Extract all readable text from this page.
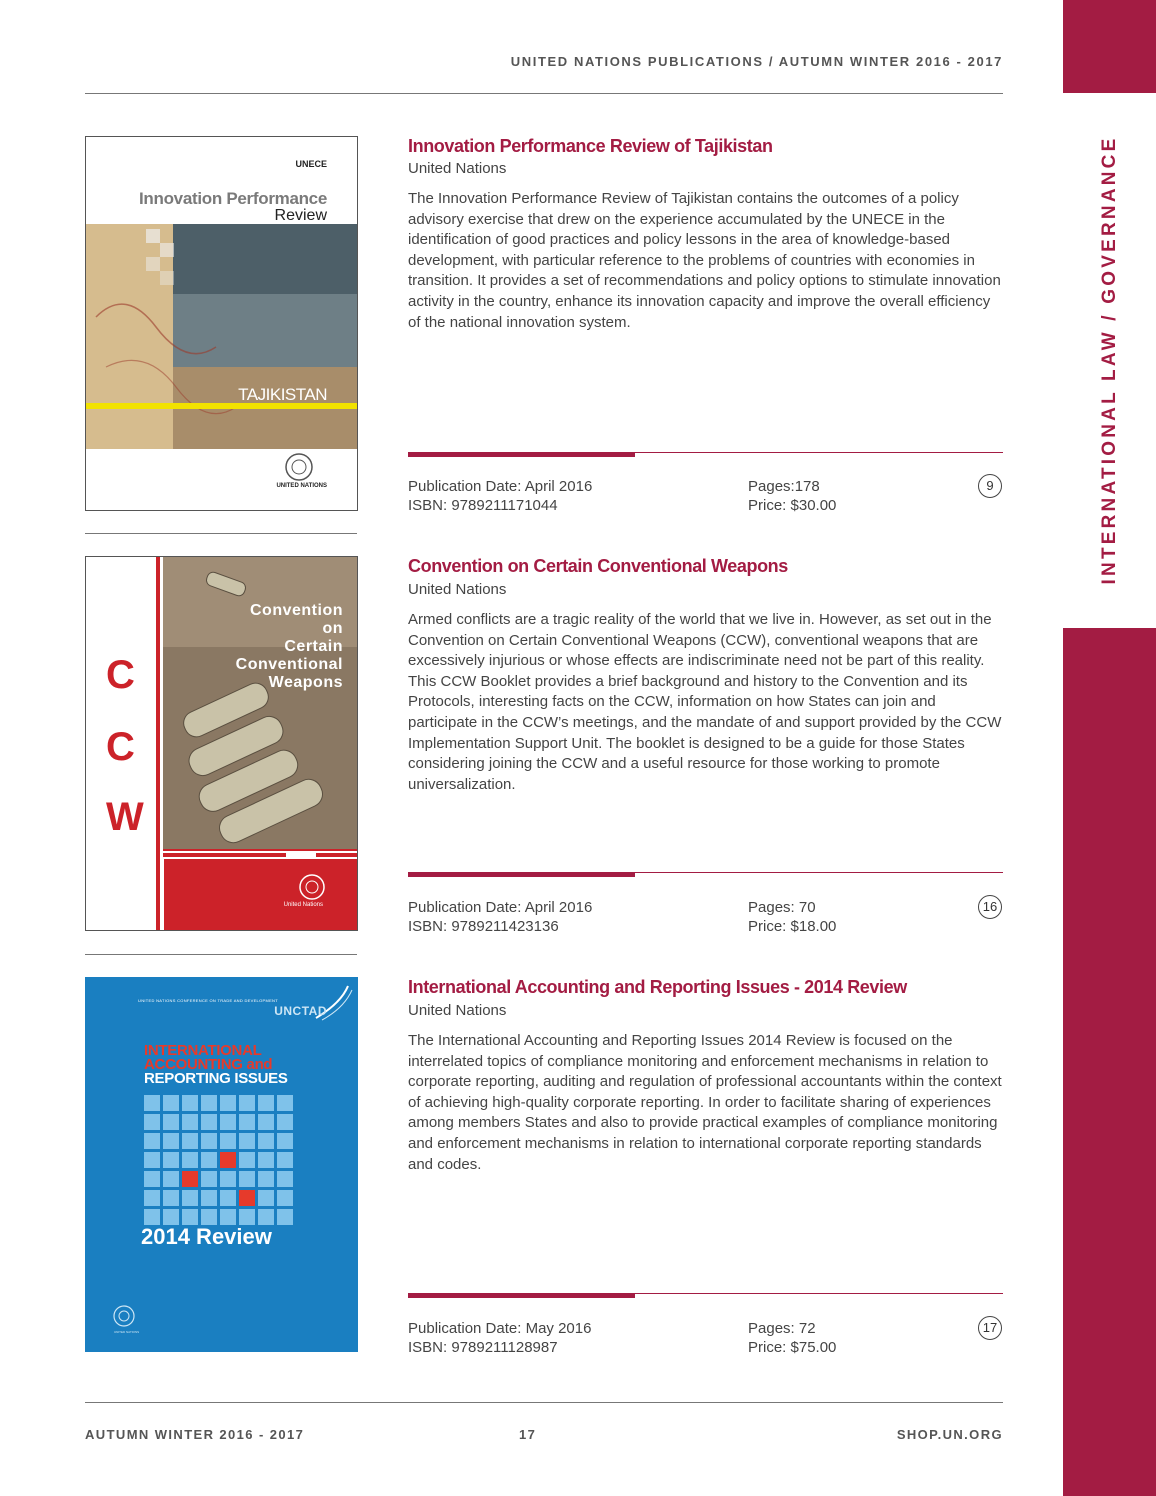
INTERNATIONAL LAW / GOVERNANCE
UNITED NATIONS PUBLICATIONS / AUTUMN WINTER 2016 - 2017
UNECE
Innovation Performance
Review
TAJIKISTAN
UNITED NATIONS
Innovation Performance Review of Tajikistan
United Nations
The Innovation Performance Review of Tajikistan contains the outcomes of a policy advisory exercise that drew on the experience accumulated by the UNECE in the identification of good practices and policy lessons in the area of knowledge-based development, with particular reference to the problems of countries with economies in transition. It provides a set of recommendations and policy options to stimulate innovation activity in the country, enhance its innovation capacity and improve the overall efficiency of the national innovation system.
Publication Date: April 2016
ISBN: 9789211171044
Pages:178
Price: $30.00
9
C
C
W
Convention
on
Certain
Conventional
Weapons
United Nations
Convention on Certain Conventional Weapons
United Nations
Armed conflicts are a tragic reality of the world that we live in. However, as set out in the Convention on Certain Conventional Weapons (CCW), conventional weapons that are excessively injurious or whose effects are indiscriminate need not be part of this reality. This CCW Booklet provides a brief background and history to the Convention and its Protocols, interesting facts on the CCW, information on how States can join and participate in the CCW’s meetings, and the mandate of and support provided by the CCW Implementation Support Unit. The booklet is designed to be a guide for those States considering joining the CCW and a useful resource for those working to promote universalization.
Publication Date: April 2016
ISBN: 9789211423136
Pages: 70
Price: $18.00
16
UNITED NATIONS CONFERENCE ON TRADE AND DEVELOPMENT
UNCTAD
INTERNATIONAL
ACCOUNTING and
REPORTING ISSUES
2014 Review
UNITED NATIONS
International Accounting and Reporting Issues - 2014 Review
United Nations
The International Accounting and Reporting Issues 2014 Review is focused on the interrelated topics of compliance monitoring and enforcement mechanisms in relation to corporate reporting, auditing and regulation of professional accountants within the context of achieving high-quality corporate reporting. In order to facilitate sharing of experiences among members States and also to provide practical examples of compliance monitoring and enforcement mechanisms in relation to international corporate reporting standards and codes.
Publication Date: May 2016
ISBN: 9789211128987
Pages: 72
Price: $75.00
17
AUTUMN WINTER 2016 - 2017	17	SHOP.UN.ORG
